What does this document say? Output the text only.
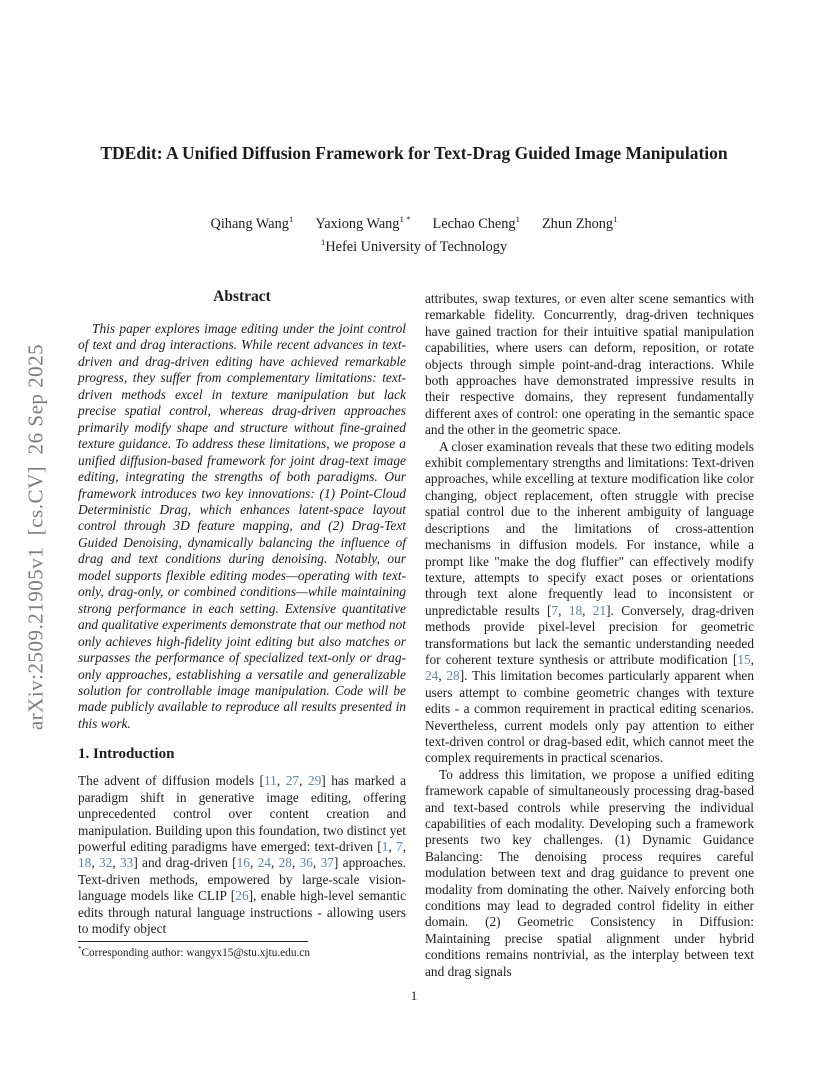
arXiv:2509.21905v1  [cs.CV]  26 Sep 2025
TDEdit: A Unified Diffusion Framework for Text-Drag Guided Image Manipulation
Qihang Wang$^1$ Yaxiong Wang$^{1 *}$ Lechao Cheng$^1$ Zhun Zhong$^1$
$^1$Hefei University of Technology
Abstract

This paper explores image editing under the joint control of text and drag interactions. While recent advances in text-driven and drag-driven editing have achieved remarkable progress, they suffer from complementary limitations: text-driven methods excel in texture manipulation but lack precise spatial control, whereas drag-driven approaches primarily modify shape and structure without fine-grained texture guidance. To address these limitations, we propose a unified diffusion-based framework for joint drag-text image editing, integrating the strengths of both paradigms. Our framework introduces two key innovations: (1) Point-Cloud Deterministic Drag, which enhances latent-space layout control through 3D feature mapping, and (2) Drag-Text Guided Denoising, dynamically balancing the influence of drag and text conditions during denoising. Notably, our model supports flexible editing modes—operating with text-only, drag-only, or combined conditions—while maintaining strong performance in each setting. Extensive quantitative and qualitative experiments demonstrate that our method not only achieves high-fidelity joint editing but also matches or surpasses the performance of specialized text-only or drag-only approaches, establishing a versatile and generalizable solution for controllable image manipulation. Code will be made publicly available to reproduce all results presented in this work.

1. Introduction

The advent of diffusion models [11, 27, 29] has marked a paradigm shift in generative image editing, offering unprecedented control over content creation and manipulation. Building upon this foundation, two distinct yet powerful editing paradigms have emerged: text-driven [1, 7, 18, 32, 33] and drag-driven [16, 24, 28, 36, 37] approaches. Text-driven methods, empowered by large-scale vision-language models like CLIP [26], enable high-level semantic edits through natural language instructions - allowing users to modify object

attributes, swap textures, or even alter scene semantics with remarkable fidelity. Concurrently, drag-driven techniques have gained traction for their intuitive spatial manipulation capabilities, where users can deform, reposition, or rotate objects through simple point-and-drag interactions. While both approaches have demonstrated impressive results in their respective domains, they represent fundamentally different axes of control: one operating in the semantic space and the other in the geometric space.

A closer examination reveals that these two editing models exhibit complementary strengths and limitations: Text-driven approaches, while excelling at texture modification like color changing, object replacement, often struggle with precise spatial control due to the inherent ambiguity of language descriptions and the limitations of cross-attention mechanisms in diffusion models. For instance, while a prompt like "make the dog fluffier" can effectively modify texture, attempts to specify exact poses or orientations through text alone frequently lead to inconsistent or unpredictable results [7, 18, 21]. Conversely, drag-driven methods provide pixel-level precision for geometric transformations but lack the semantic understanding needed for coherent texture synthesis or attribute modification [15, 24, 28]. This limitation becomes particularly apparent when users attempt to combine geometric changes with texture edits - a common requirement in practical editing scenarios. Nevertheless, current models only pay attention to either text-driven control or drag-based edit, which cannot meet the complex requirements in practical scenarios.

To address this limitation, we propose a unified editing framework capable of simultaneously processing drag-based and text-based controls while preserving the individual capabilities of each modality. Developing such a framework presents two key challenges. (1) Dynamic Guidance Balancing: The denoising process requires careful modulation between text and drag guidance to prevent one modality from dominating the other. Naively enforcing both conditions may lead to degraded control fidelity in either domain. (2) Geometric Consistency in Diffusion: Maintaining precise spatial alignment under hybrid conditions remains nontrivial, as the interplay between text and drag signals

*Corresponding author: wangyx15@stu.xjtu.edu.cn
1
